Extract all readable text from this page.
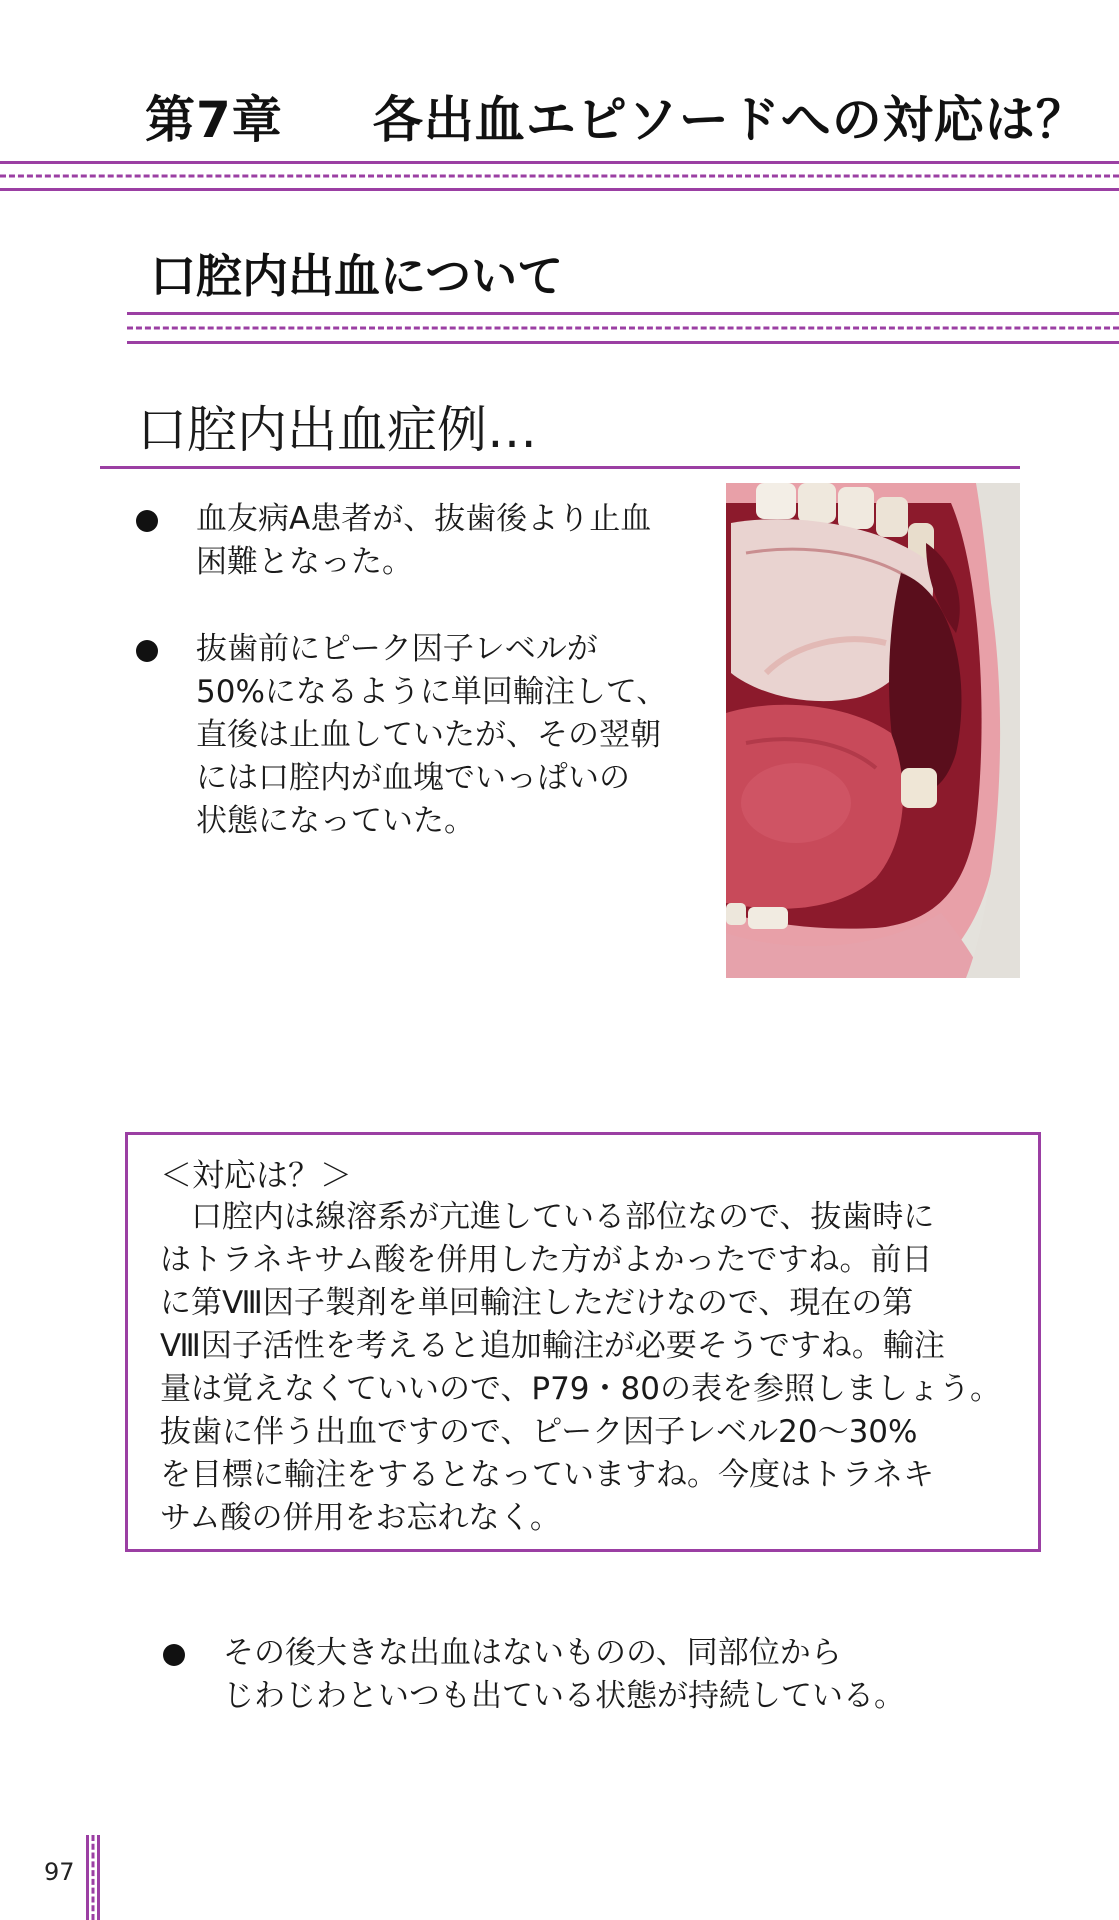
第7章 各出血エピソードへの対応は？
口腔内出血について
口腔内出血症例…
血友病A患者が、抜歯後より止血
困難となった。
抜歯前にピーク因子レベルが
50%になるように単回輸注して、
直後は止血していたが、その翌朝
には口腔内が血塊でいっぱいの
状態になっていた。
＜対応は？＞
　口腔内は線溶系が亢進している部位なので、抜歯時に
はトラネキサム酸を併用した方がよかったですね。前日
に第Ⅷ因子製剤を単回輸注しただけなので、現在の第
Ⅷ因子活性を考えると追加輸注が必要そうですね。輸注
量は覚えなくていいので、P79・80の表を参照しましょう。
抜歯に伴う出血ですので、ピーク因子レベル20～30%
を目標に輸注をするとなっていますね。今度はトラネキ
サム酸の併用をお忘れなく。
その後大きな出血はないものの、同部位から
じわじわといつも出ている状態が持続している。
97
